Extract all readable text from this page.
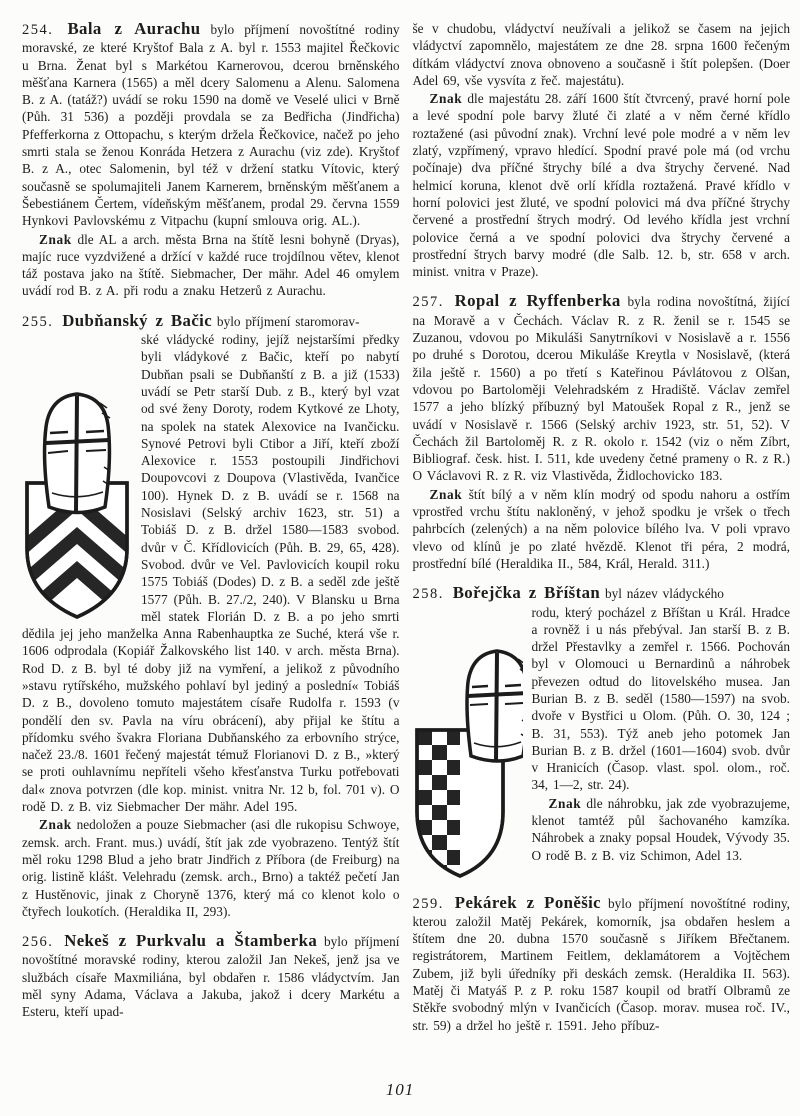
254. Bala z Aurachu bylo příjmení novoštítné rodiny moravské, ze které Kryštof Bala z A. byl r. 1553 majitel Řečkovic u Brna. Ženat byl s Markétou Karnerovou, dcerou brněnského měšťana Karnera (1565) a měl dcery Salomenu a Alenu. Salomena B. z A. (tatáž?) uvádí se roku 1590 na domě ve Veselé ulici v Brně (Půh. 31 536) a později provdala se za Bedřicha (Jindřicha) Pfefferkorna z Ottopachu, s kterým držela Řečkovice, načež po jeho smrti stala se ženou Konráda Hetzera z Aurachu (viz zde). Kryštof B. z A., otec Salomenin, byl též v držení statku Vítovic, který současně se spolumajiteli Janem Karnerem, brněnským měšťanem a Šebestiánem Čertem, vídeňským měšťanem, prodal 29. června 1559 Hynkovi Pavlovskému z Vitpachu (kupní smlouva orig. AL.).

Znak dle AL a arch. města Brna na štítě lesni bohyně (Dryas), majíc ruce vyzdvižené a držící v každé ruce trojdílnou větev, klenot táž postava jako na štítě. Siebmacher, Der mähr. Adel 46 omylem uvádí rod B. z A. při rodu a znaku Hetzerů z Aurachu.

255. Dubňanský z Bačic bylo příjmení staromorav-

ské vládycké rodiny, jejíž nejstaršími předky byli vládykové z Bačic, kteří po nabytí Dubňan psali se Dubňanští z B. a již (1533) uvádí se Petr starší Dub. z B., který byl vzat od své ženy Doroty, rodem Kytkové ze Lhoty, na spolek na statek Alexovice na Ivančicku. Synové Petrovi byli Ctibor a Jiří, kteří zboží Alexovice r. 1553 postoupili Jindřichovi Doupovcovi z Doupova (Vlastivěda, Ivančice 100). Hynek D. z B. uvádí se r. 1568 na Nosislavi (Selský archiv 1623, str. 51) a Tobiáš D. z B. držel 1580—1583 svobod. dvůr v Č. Křídlovicích (Půh. B. 29, 65, 428). Svobod. dvůr ve Vel. Pavlovicích koupil roku 1575 Tobiáš (Dodes) D. z B. a seděl zde ještě 1577 (Půh. B. 27./2, 240). V Blansku u Brna měl statek Florián D. z B. a po jeho smrti dědila jej jeho manželka Anna Rabenhauptka ze Suché, která vše r. 1606 odprodala (Kopiář Žalkovského list 140. v arch. města Brna). Rod D. z B. byl té doby již na vymření, a jelikož z původního »stavu rytířského, mužského pohlaví byl jediný a poslední« Tobiáš D. z B., dovoleno tomuto majestátem císaře Rudolfa r. 1593 (v pondělí den sv. Pavla na víru obrácení), aby přijal ke štítu a přídomku svého švakra Floriana Dubňanského za erbovního strýce, načež 23./8. 1601 řečený majestát témuž Florianovi D. z B., »který se proti ouhlavnímu nepříteli všeho křesťanstva Turku potřebovati dal« znova potvrzen (dle kop. minist. vnitra Nr. 12 b, fol. 701 v). O rodě D. z B. viz Siebmacher Der mähr. Adel 195.

Znak nedoložen a pouze Siebmacher (asi dle rukopisu Schwoye, zemsk. arch. Frant. mus.) uvádí, štít jak zde vyobrazeno. Tentýž štít měl roku 1298 Blud a jeho bratr Jindřich z Příbora (de Freiburg) na orig. listině klášt. Velehradu (zemsk. arch., Brno) a taktéž pečetí Jan z Hustěnovic, jinak z Choryně 1376, který má co klenot kolo o čtyřech loukotích. (Heraldika II, 293).

256. Nekeš z Purkvalu a Štamberka bylo příjmení novoštítné moravské rodiny, kterou založil Jan Nekeš, jenž jsa ve službách císaře Maxmiliána, byl obdařen r. 1586 vládyctvím. Jan měl syny Adama, Václava a Jakuba, jakož i dcery Markétu a Esteru, kteří upad-

še v chudobu, vládyctví neužívali a jelikož se časem na jejich vládyctví zapomnělo, majestátem ze dne 28. srpna 1600 řečeným dítkám vládyctví znova obnoveno a současně i štít polepšen. (Doer Adel 69, vše vysvíta z řeč. majestátu).

Znak dle majestátu 28. září 1600 štít čtvrcený, pravé horní pole a levé spodní pole barvy žluté či zlaté a v něm černé křídlo roztažené (asi původní znak). Vrchní levé pole modré a v něm lev zlatý, vzpřímený, vpravo hledící. Spodní pravé pole má (od vrchu počínaje) dva příčné štrychy bílé a dva štrychy červené. Nad helmicí koruna, klenot dvě orlí křídla roztažená. Pravé křídlo v horní polovici jest žluté, ve spodní polovici má dva příčné štrychy červené a prostřední štrych modrý. Od levého křídla jest vrchní polovice černá a ve spodní polovici dva štrychy červené a prostřední štrych barvy modré (dle Salb. 12. b, str. 658 v arch. minist. vnitra v Praze).

257. Ropal z Ryffenberka byla rodina novoštítná, žijící na Moravě a v Čechách. Václav R. z R. ženil se r. 1545 se Zuzanou, vdovou po Mikuláši Sanytrníkovi v Nosislavě a r. 1556 po druhé s Dorotou, dcerou Mikuláše Kreytla v Nosislavě, (která žila ještě r. 1560) a po třetí s Kateřinou Pávlátovou z Olšan, vdovou po Bartoloměji Velehradském z Hradiště. Václav zemřel 1577 a jeho blízký příbuzný byl Matoušek Ropal z R., jenž se uvádí v Nosislavě r. 1566 (Selský archiv 1923, str. 51, 52). V Čechách žil Bartoloměj R. z R. okolo r. 1542 (viz o něm Zíbrt, Bibliograf. česk. hist. I. 511, kde uvedeny četné prameny o R. z R.) O Václavovi R. z R. viz Vlastivěda, Židlochovicko 183.

Znak štít bílý a v něm klín modrý od spodu nahoru a ostřím vprostřed vrchu štítu nakloněný, v jehož spodku je vršek o třech pahrbcích (zelených) a na něm polovice bílého lva. V poli vpravo vlevo od klínů je po zlaté hvězdě. Klenot tři péra, 2 modrá, prostřední bílé (Heraldika II., 584, Král, Herald. 311.)

258. Bořejčka z Bříštan byl název vládyckého

rodu, který pocházel z Bříštan u Král. Hradce a rovněž i u nás přebýval. Jan starší B. z B. držel Přestavlky a zemřel r. 1566. Pochován byl v Olomouci u Bernardinů a náhrobek převezen odtud do litovelského musea. Jan Burian B. z B. seděl (1580—1597) na svob. dvoře v Bystřici u Olom. (Půh. O. 30, 124 ; B. 31, 553). Týž aneb jeho potomek Jan Burian B. z B. držel (1601—1604) svob. dvůr v Hranicích (Časop. vlast. spol. olom., roč. 34, 1—2, str. 24).

Znak dle náhrobku, jak zde vyobrazujeme, klenot tamtéž půl šachovaného kamzíka. Náhrobek a znaky popsal Houdek, Vývody 35. O rodě B. z B. viz Schimon, Adel 13.

259. Pekárek z Poněšic bylo příjmení novoštítné rodiny, kterou založil Matěj Pekárek, komorník, jsa obdařen heslem a štítem dne 20. dubna 1570 současně s Jiříkem Břečtanem. registrátorem, Martinem Feitlem, deklamátorem a Vojtěchem Zubem, již byli úředníky při deskách zemsk. (Heraldika II. 563). Matěj či Matyáš P. z P. roku 1587 koupil od bratří Olbramů ze Stěkře svobodný mlýn v Ivančicích (Časop. morav. musea roč. IV., str. 59) a držel ho ještě r. 1591. Jeho příbuz-

101
